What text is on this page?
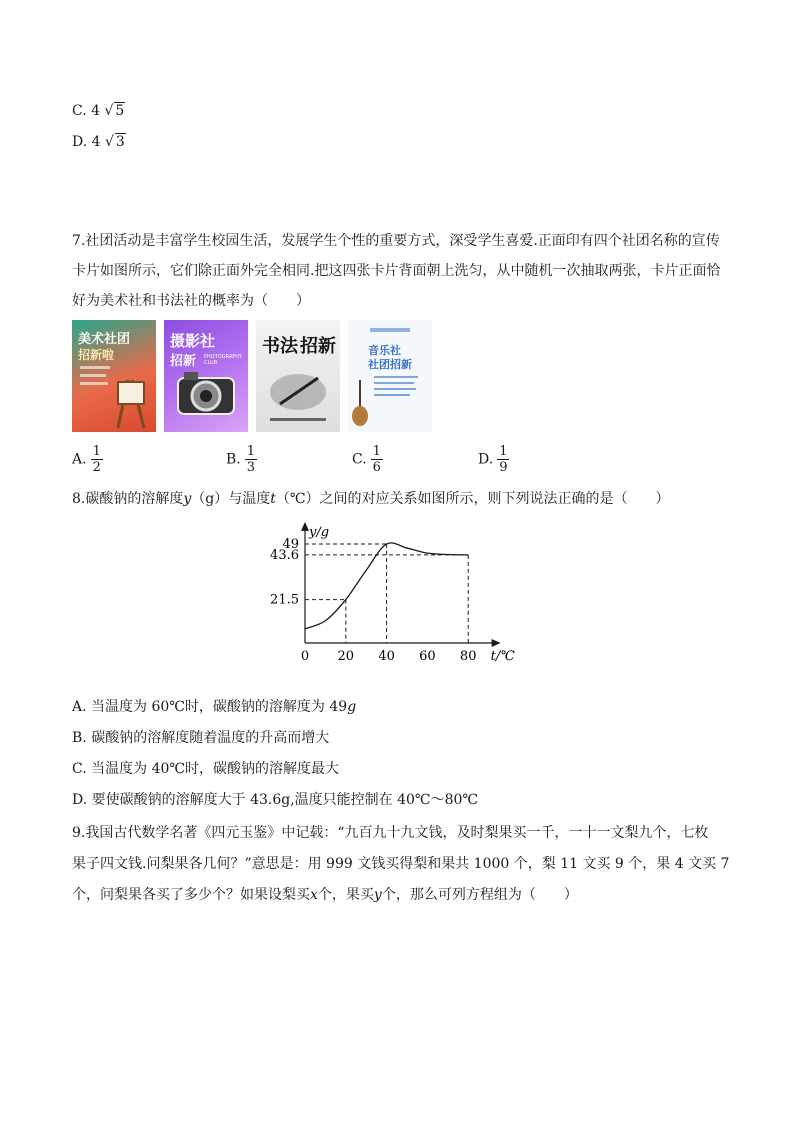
C. 4 √ 5
D. 4 √ 3
7.社团活动是丰富学生校园生活，发展学生个性的重要方式，深受学生喜爱.正面印有四个社团名称的宣传
卡片如图所示，它们除正面外完全相同.把这四张卡片背面朝上洗匀，从中随机一次抽取两张，卡片正面恰
好为美术社和书法社的概率为（　　）
美术社团
招新啦
摄影社
招新 PHOTOGRAPHY CLUB
书法 招新	音乐社
社团招新
A. $\frac{1}{2}$	B. $\frac{1}{3}$	C. $\frac{1}{6}$	D. $\frac{1}{9}$
8.碳酸钠的溶解度y（g）与温度t（℃）之间的对应关系如图所示，则下列说法正确的是（　　）
0 20 40 60 80
21.5
43.6
49
y/g
t/℃
A. 当温度为 60℃时，碳酸钠的溶解度为 49g
B. 碳酸钠的溶解度随着温度的升高而增大
C. 当温度为 40℃时，碳酸钠的溶解度最大
D. 要使碳酸钠的溶解度大于 43.6g,温度只能控制在 40℃～80℃
9.我国古代数学名著《四元玉鉴》中记载：“九百九十九文钱，及时梨果买一千，一十一文梨九个，七枚
果子四文钱.问梨果各几何？”意思是：用 999 文钱买得梨和果共 1000 个，梨 11 文买 9 个，果 4 文买 7
个，问梨果各买了多少个？如果设梨买x个，果买y个，那么可列方程组为（　　）
